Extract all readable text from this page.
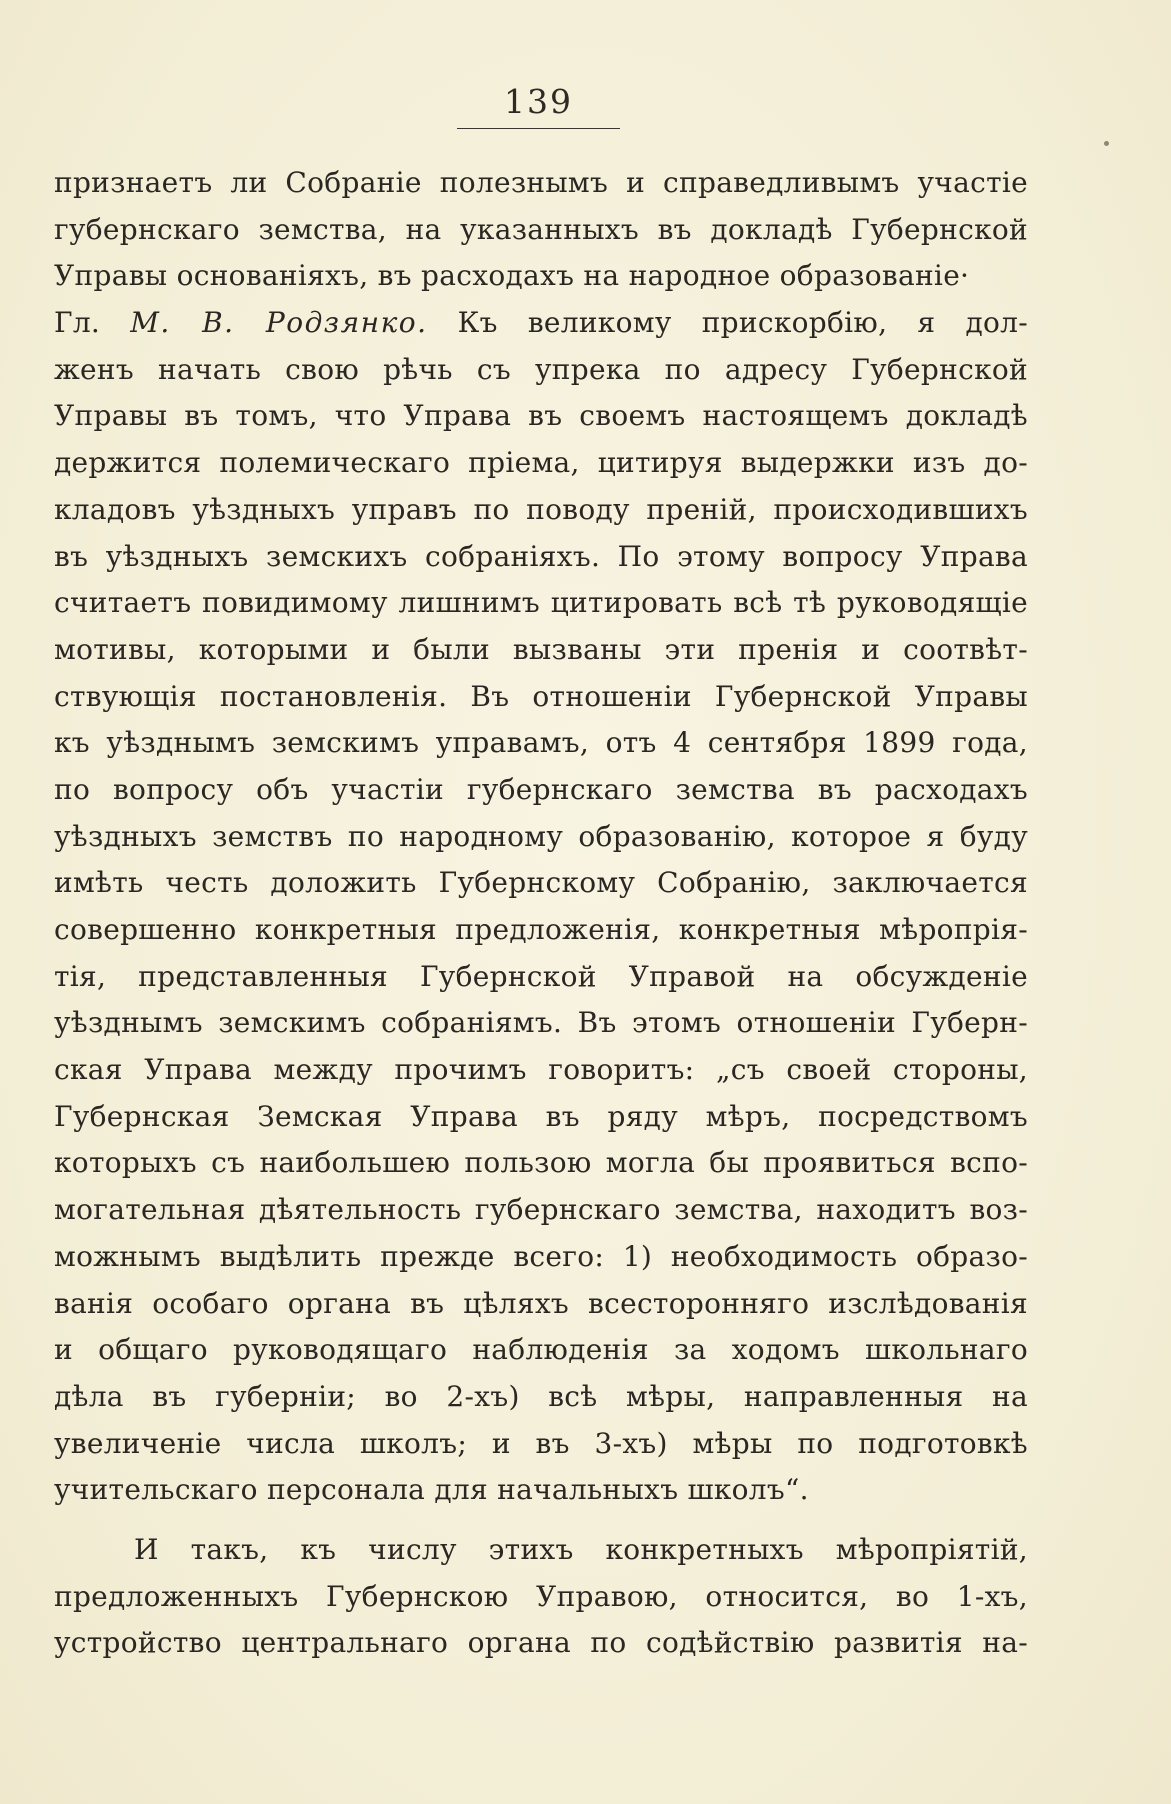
139
признаетъ ли Собраніе полезнымъ и справедливымъ участіе
губернскаго земства, на указанныхъ въ докладѣ Губернской
Управы основаніяхъ, въ расходахъ на народное образованіе·
Гл. М. В. Родзянко. Къ великому прискорбію, я дол-
женъ начать свою рѣчь съ упрека по адресу Губернской
Управы въ томъ, что Управа въ своемъ настоящемъ докладѣ
держится полемическаго пріема, цитируя выдержки изъ до-
кладовъ уѣздныхъ управъ по поводу преній, происходившихъ
въ уѣздныхъ земскихъ собраніяхъ. По этому вопросу Управа
считаетъ повидимому лишнимъ цитировать всѣ тѣ руководящіе
мотивы, которыми и были вызваны эти пренія и соотвѣт-
ствующія постановленія. Въ отношеніи Губернской Управы
къ уѣзднымъ земскимъ управамъ, отъ 4 сентября 1899 года,
по вопросу объ участіи губернскаго земства въ расходахъ
уѣздныхъ земствъ по народному образованію, которое я буду
имѣть честь доложить Губернскому Собранію, заключается
совершенно конкретныя предложенія, конкретныя мѣропрія-
тія, представленныя Губернской Управой на обсужденіе
уѣзднымъ земскимъ собраніямъ. Въ этомъ отношеніи Губерн-
ская Управа между прочимъ говоритъ: „съ своей стороны,
Губернская Земская Управа въ ряду мѣръ, посредствомъ
которыхъ съ наибольшею пользою могла бы проявиться вспо-
могательная дѣятельность губернскаго земства, находитъ воз-
можнымъ выдѣлить прежде всего: 1) необходимость образо-
ванія особаго органа въ цѣляхъ всесторонняго изслѣдованія
и общаго руководящаго наблюденія за ходомъ школьнаго
дѣла въ губерніи; во 2-хъ) всѣ мѣры, направленныя на
увеличеніе числа школъ; и въ 3-хъ) мѣры по подготовкѣ
учительскаго персонала для начальныхъ школъ“.
И такъ, къ числу этихъ конкретныхъ мѣропріятій,
предложенныхъ Губернскою Управою, относится, во 1-хъ,
устройство центральнаго органа по содѣйствію развитія на-
